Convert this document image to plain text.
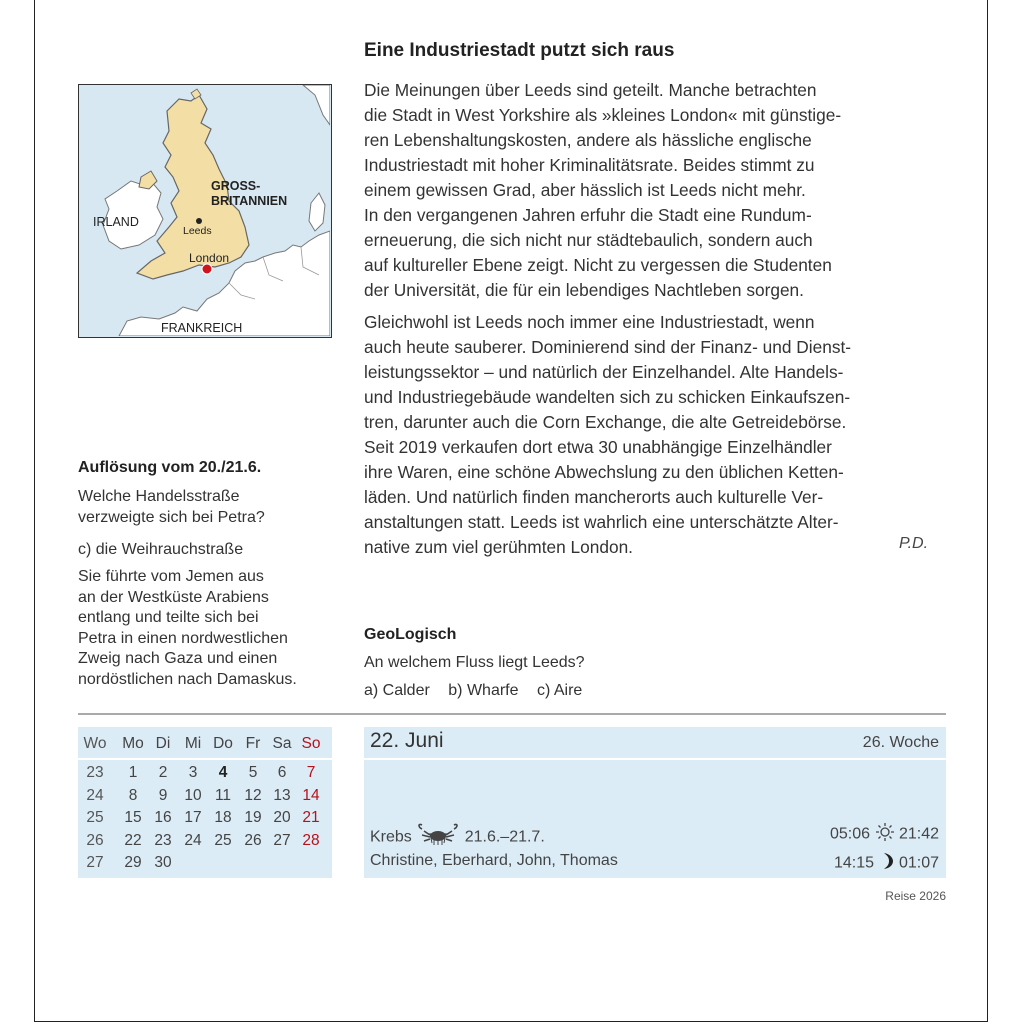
GROSS-
BRITANNIEN
IRLAND
Leeds
London
FRANKREICH
Eine Industriestadt putzt sich raus
Die Meinungen über Leeds sind geteilt. Manche betrachten
die Stadt in West Yorkshire als »kleines London« mit günstige-
ren Lebenshaltungskosten, andere als hässliche englische
Industriestadt mit hoher Kriminalitätsrate. Beides stimmt zu
einem gewissen Grad, aber hässlich ist Leeds nicht mehr.
In den vergangenen Jahren erfuhr die Stadt eine Rundum-
erneuerung, die sich nicht nur städtebaulich, sondern auch
auf kultureller Ebene zeigt. Nicht zu vergessen die Studenten
der Universität, die für ein lebendiges Nachtleben sorgen.
Gleichwohl ist Leeds noch immer eine Industriestadt, wenn
auch heute sauberer. Dominierend sind der Finanz- und Dienst-
leistungssektor – und natürlich der Einzelhandel. Alte Handels-
und Industriegebäude wandelten sich zu schicken Einkaufszen-
tren, darunter auch die Corn Exchange, die alte Getreidebörse.
Seit 2019 verkaufen dort etwa 30 unabhängige Einzelhändler
ihre Waren, eine schöne Abwechslung zu den üblichen Ketten-
läden. Und natürlich finden mancherorts auch kulturelle Ver-
anstaltungen statt. Leeds ist wahrlich eine unterschätzte Alter-
native zum viel gerühmten London.	P.D.
Auflösung vom 20./21.6.
Welche Handelsstraße
verzweigte sich bei Petra?
c) die Weihrauchstraße
Sie führte vom Jemen aus
an der Westküste Arabiens
entlang und teilte sich bei
Petra in einen nordwestlichen
Zweig nach Gaza und einen
nordöstlichen nach Damaskus.
GeoLogisch
An welchem Fluss liegt Leeds?
a) Calder b) Wharfe c) Aire
Wo Mo Di Mi Do Fr Sa So
23	1	2	3	4	5	6	7
24	8	9	10 11 12 13 14
25	15 16 17 18 19 20 21
26	22 23 24 25 26 27 28
27	29 30
22. Juni	26. Woche
Krebs	21.6.–21.7.
Christine, Eberhard, John, Thomas
05:06 21:42
14:15 01:07
Reise 2026
